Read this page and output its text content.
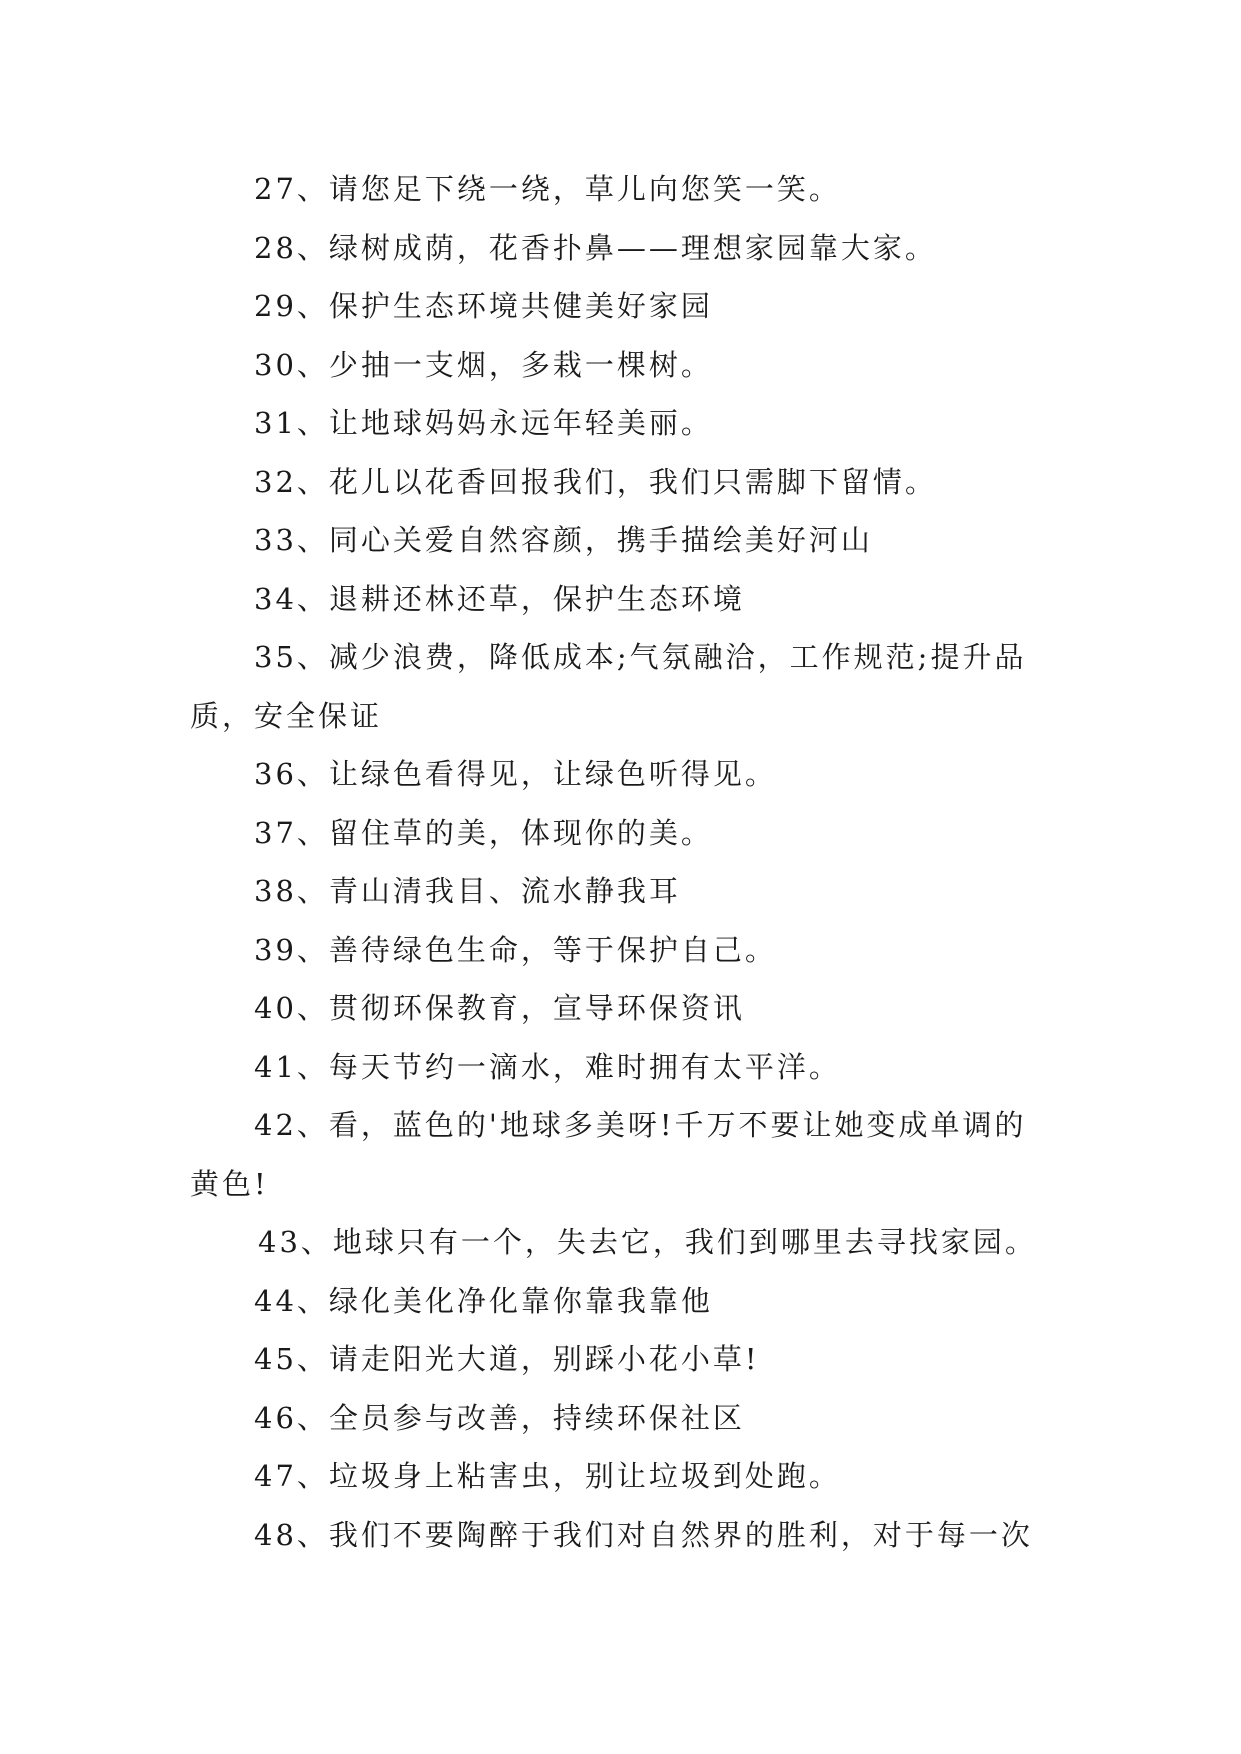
27、请您足下绕一绕，草儿向您笑一笑。

28、绿树成荫，花香扑鼻——理想家园靠大家。

29、保护生态环境共健美好家园

30、少抽一支烟，多栽一棵树。

31、让地球妈妈永远年轻美丽。

32、花儿以花香回报我们，我们只需脚下留情。

33、同心关爱自然容颜，携手描绘美好河山

34、退耕还林还草，保护生态环境

35、减少浪费，降低成本;气氛融洽，工作规范;提升品质，安全保证

36、让绿色看得见，让绿色听得见。

37、留住草的美，体现你的美。

38、青山清我目、流水静我耳

39、善待绿色生命，等于保护自己。

40、贯彻环保教育，宣导环保资讯

41、每天节约一滴水，难时拥有太平洋。

42、看，蓝色的'地球多美呀!千万不要让她变成单调的黄色!

43、地球只有一个，失去它，我们到哪里去寻找家园。

44、绿化美化净化靠你靠我靠他

45、请走阳光大道，别踩小花小草!

46、全员参与改善，持续环保社区

47、垃圾身上粘害虫，别让垃圾到处跑。

48、我们不要陶醉于我们对自然界的胜利，对于每一次
